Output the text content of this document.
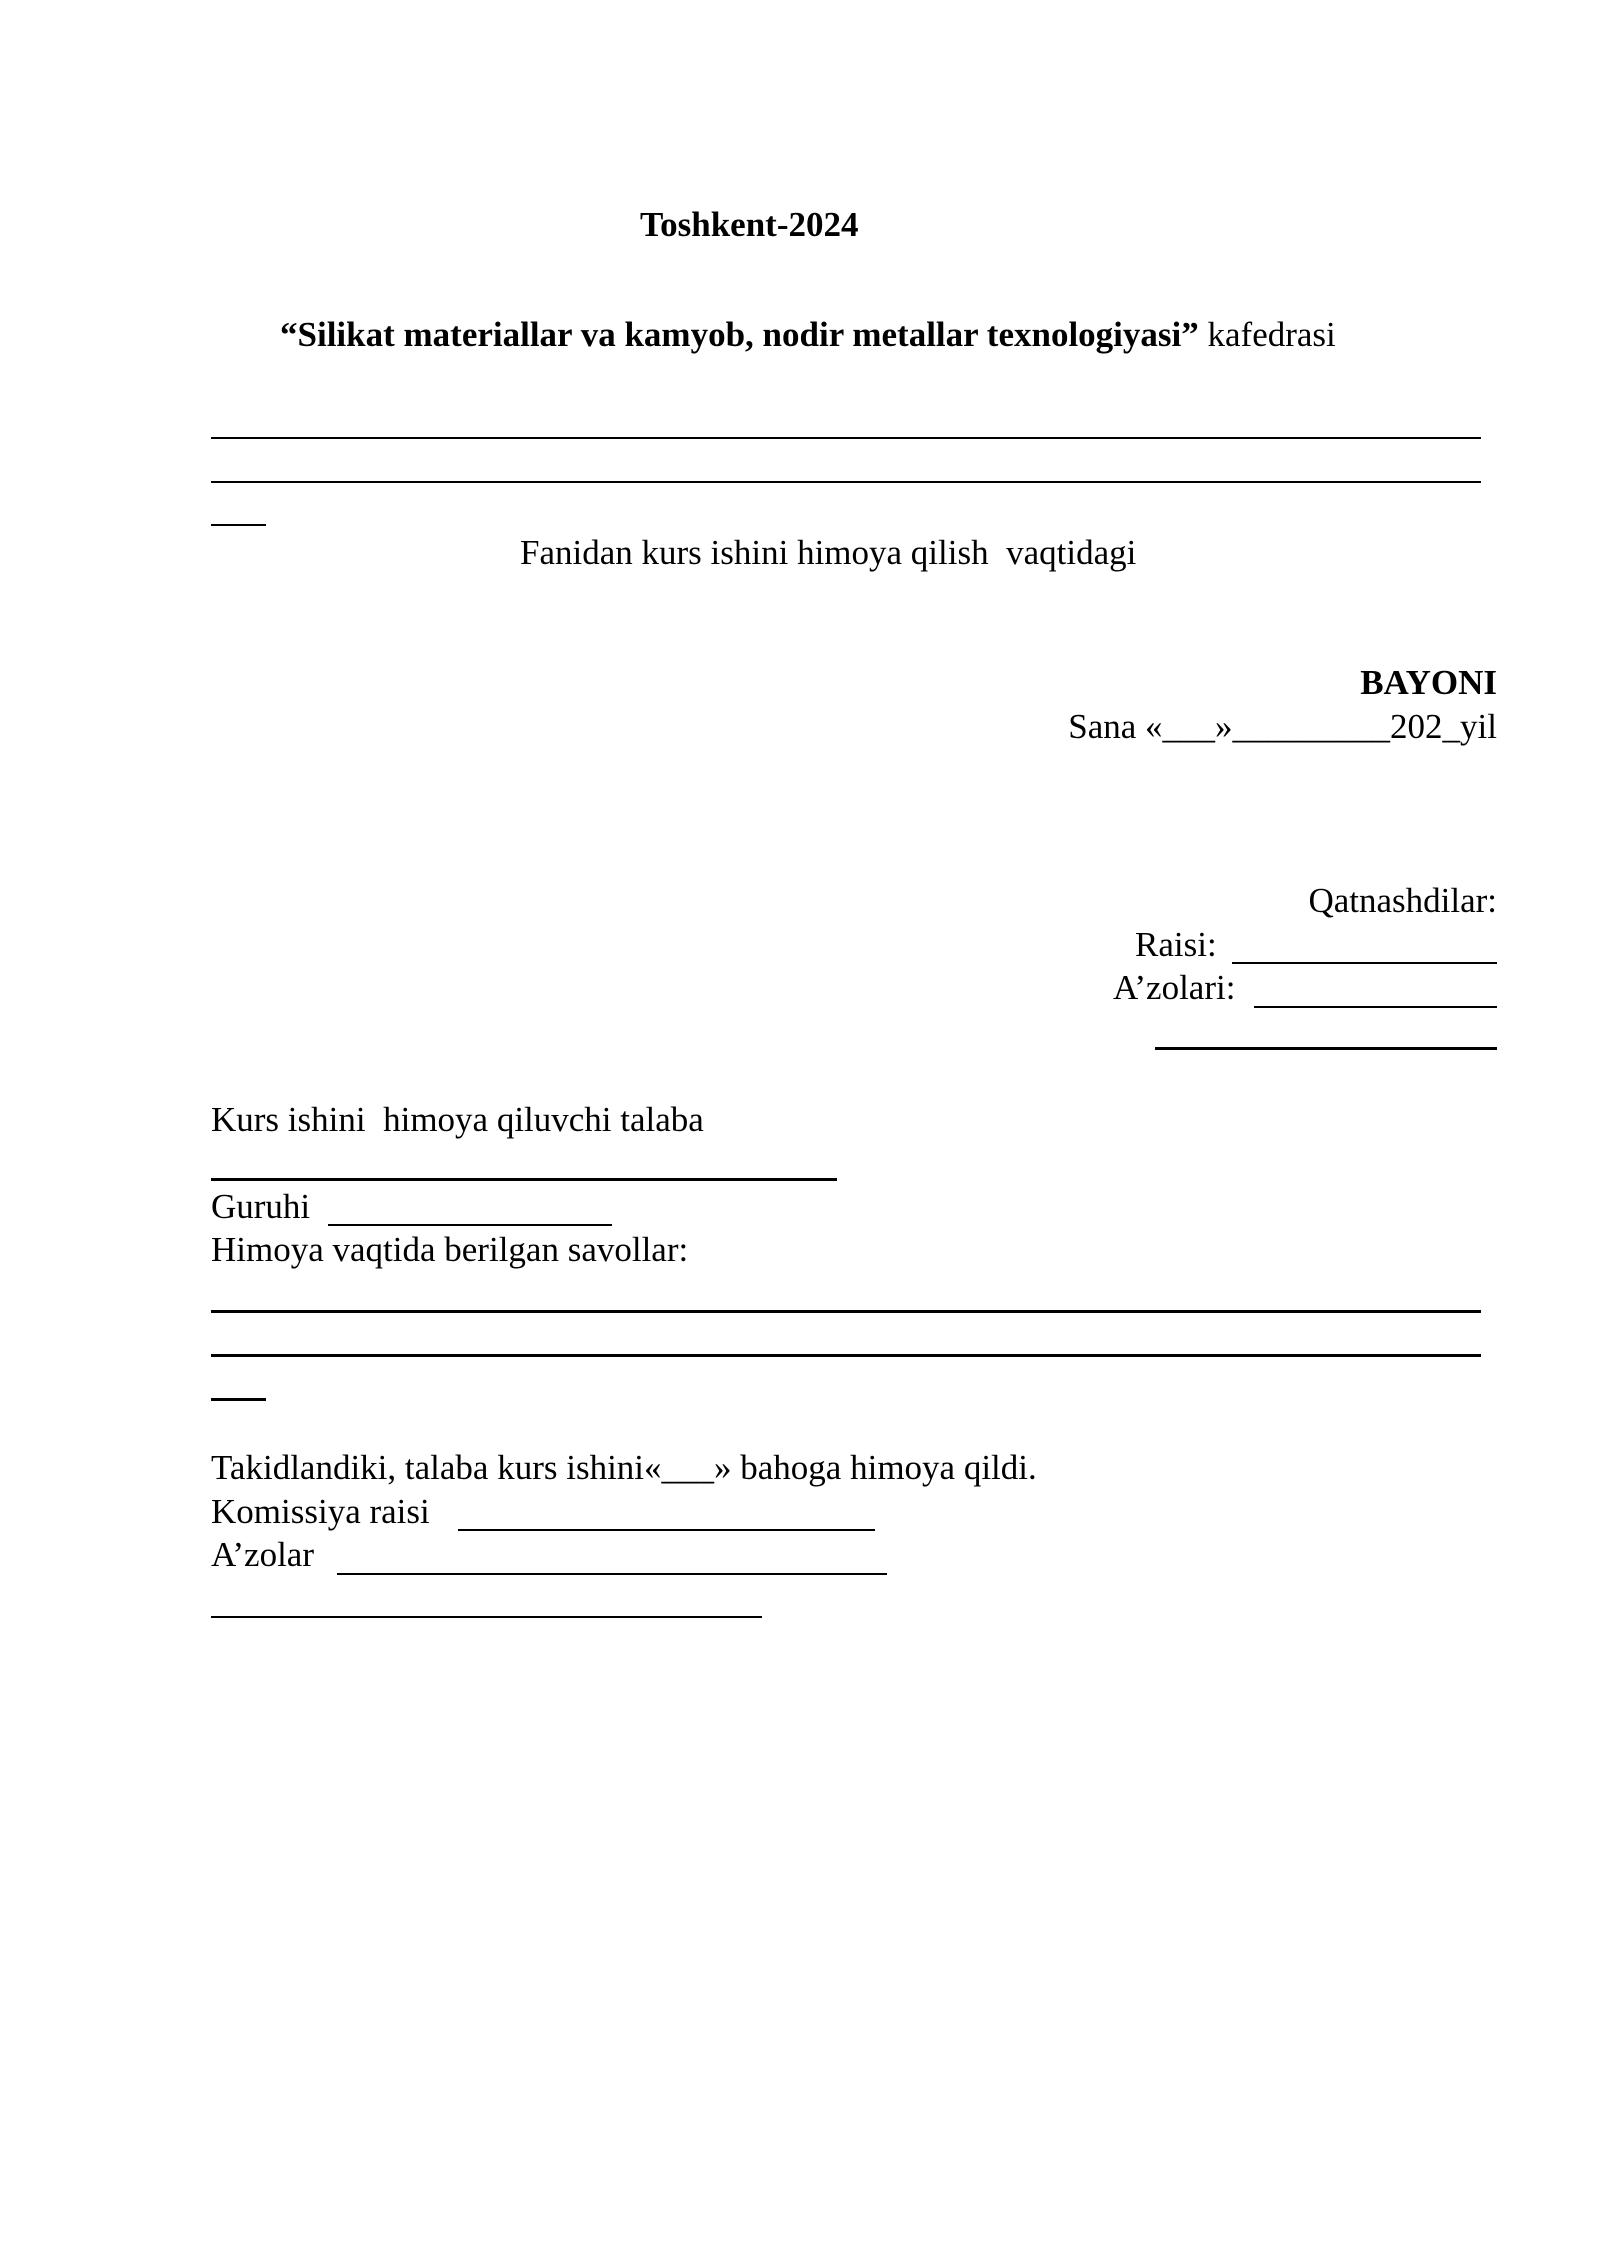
Toshkent-2024
“Silikat materiallar va kamyob, nodir metallar texnologiyasi” kafedrasi
Fanidan kurs ishini himoya qilish  vaqtidagi
BAYONI
Sana «___»_________202_yil
Qatnashdilar:
Raisi:
A’zolari:
Kurs ishini  himoya qiluvchi talaba
Guruhi
Himoya vaqtida berilgan savollar:
Takidlandiki, talaba kurs ishini«___» bahoga himoya qildi.
Komissiya raisi
A’zolar
